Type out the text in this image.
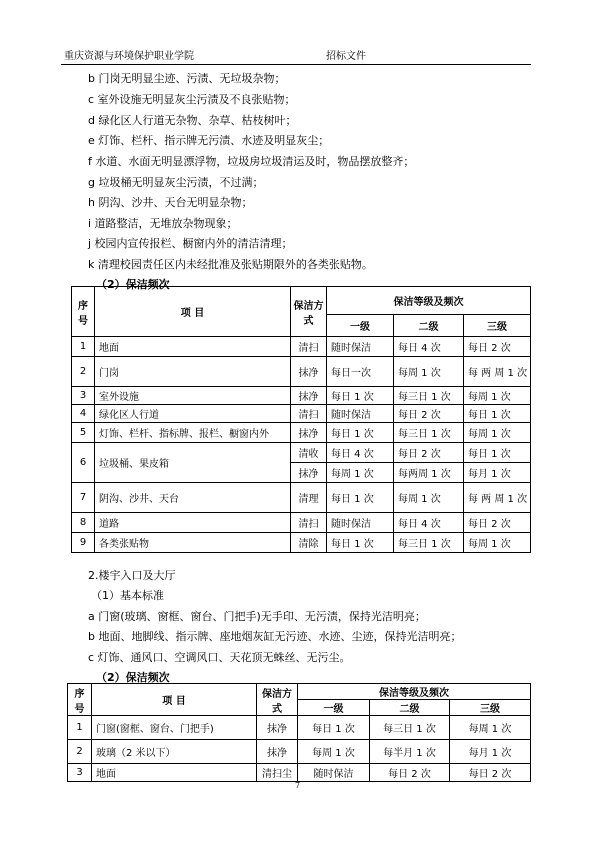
重庆资源与环境保护职业学院	招标文件
b 门岗无明显尘迹、污渍、无垃圾杂物；
c 室外设施无明显灰尘污渍及不良张贴物；
d 绿化区人行道无杂物、杂草、枯枝树叶；
e 灯饰、栏杆、指示牌无污渍、水迹及明显灰尘；
f 水道、水面无明显漂浮物，垃圾房垃圾清运及时，物品摆放整齐；
g 垃圾桶无明显灰尘污渍，不过满；
h 阴沟、沙井、天台无明显杂物；
i 道路整洁，无堆放杂物现象；
j 校园内宣传报栏、橱窗内外的清洁清理；
k 清理校园责任区内未经批准及张贴期限外的各类张贴物。
（2）保洁频次
序号	项 目	保洁方式	保洁等级及频次		
			一级	二级	三级
1	地面	清扫	随时保洁	每日 4 次	每日 2 次
2	门岗	抹净	每日一次	每周 1 次	每 两 周 1 次
3	室外设施	抹净	每日 1 次	每三日 1 次	每周 1 次
4	绿化区人行道	清扫	随时保洁	每日 2 次	每日 1 次
5	灯饰、栏杆、指标牌、报栏、橱窗内外	抹净	每日 1 次	每三日 1 次	每周 1 次
6	垃圾桶、果皮箱	清收	每日 4 次	每日 2 次	每日 1 次
		抹净	每周 1 次	每两周 1 次	每月 1 次
7	阴沟、沙井、天台	清理	每日 1 次	每周 1 次	每 两 周 1 次
8	道路	清扫	随时保洁	每日 4 次	每日 2 次
9	各类张贴物	清除	每日 1 次	每三日 1 次	每周 1 次
2.楼宇入口及大厅
（1）基本标准
a 门窗(玻璃、窗框、窗台、门把手)无手印、无污渍，保持光洁明亮；
b 地面、地脚线、指示牌、座地烟灰缸无污迹、水迹、尘迹，保持光洁明亮；
c 灯饰、通风口、空调风口、天花顶无蛛丝、无污尘。
（2）保洁频次
序号	项 目	保洁方式	保洁等级及频次		
			一级	二级	三级
1	门窗(窗框、窗台、门把手)	抹净	每日 1 次	每三日 1 次	每周 1 次
2	玻璃（2 米以下）	抹净	每周 1 次	每半月 1 次	每月 1 次
3	地面	清扫尘	随时保洁	每日 2 次	每日 2 次
7
